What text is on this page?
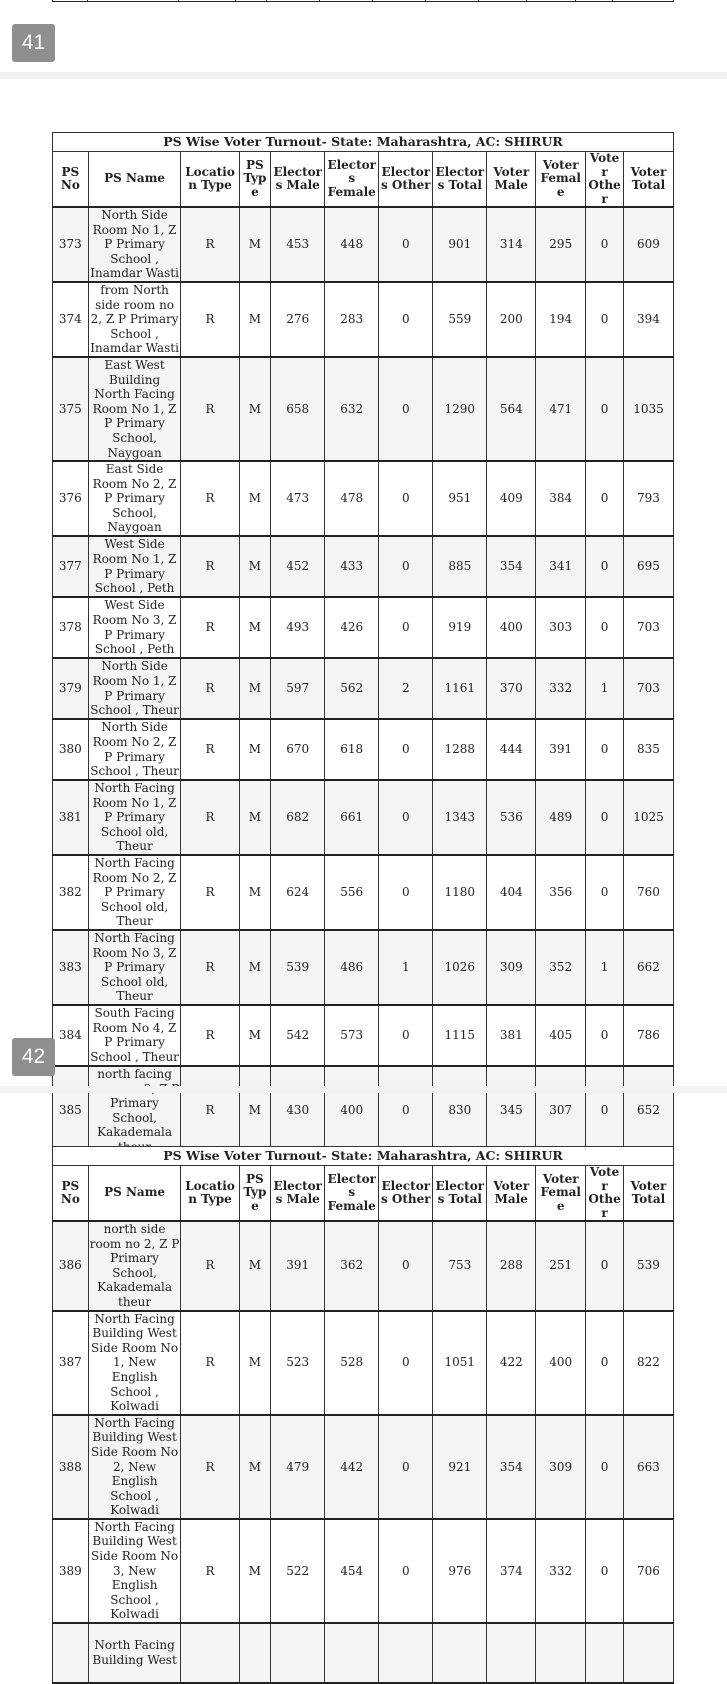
41
PS Wise Voter Turnout- State: Maharashtra, AC: SHIRUR											
PS No	PS Name	Location Type	PS Type	Electors Male	Electors Female	Electors Other	Electors Total	Voter Male	Voter Female	Voter Other	Voter Total
373	North Side Room No 1, Z P Primary School , Inamdar Wasti	R	M	453	448	0	901	314	295	0	609
374	from North side room no 2, Z P Primary School , Inamdar Wasti	R	M	276	283	0	559	200	194	0	394
375	East West Building North Facing Room No 1, Z P Primary School, Naygoan	R	M	658	632	0	1290	564	471	0	1035
376	East Side Room No 2, Z P Primary School, Naygoan	R	M	473	478	0	951	409	384	0	793
377	West Side Room No 1, Z P Primary School , Peth	R	M	452	433	0	885	354	341	0	695
378	West Side Room No 3, Z P Primary School , Peth	R	M	493	426	0	919	400	303	0	703
379	North Side Room No 1, Z P Primary School , Theur	R	M	597	562	2	1161	370	332	1	703
380	North Side Room No 2, Z P Primary School , Theur	R	M	670	618	0	1288	444	391	0	835
381	North Facing Room No 1, Z P Primary School old, Theur	R	M	682	661	0	1343	536	489	0	1025
382	North Facing Room No 2, Z P Primary School old, Theur	R	M	624	556	0	1180	404	356	0	760
383	North Facing Room No 3, Z P Primary School old, Theur	R	M	539	486	1	1026	309	352	1	662
384	South Facing Room No 4, Z P Primary School , Theur	R	M	542	573	0	1115	381	405	0	786
385	north facing Primary School, Kakademala	R	M	430	400	0	830	345	307	0	652
42
PS Wise Voter Turnout- State: Maharashtra, AC: SHIRUR											
PS No	PS Name	Location Type	PS Type	Electors Male	Electors Female	Electors Other	Electors Total	Voter Male	Voter Female	Voter Other	Voter Total
386	north side room no 2, Z P Primary School, Kakademala theur	R	M	391	362	0	753	288	251	0	539
387	North Facing Building West Side Room No 1, New English School , Kolwadi	R	M	523	528	0	1051	422	400	0	822
388	North Facing Building West Side Room No 2, New English School , Kolwadi	R	M	479	442	0	921	354	309	0	663
389	North Facing Building West Side Room No 3, New English School , Kolwadi	R	M	522	454	0	976	374	332	0	706
	North Facing Building West										
